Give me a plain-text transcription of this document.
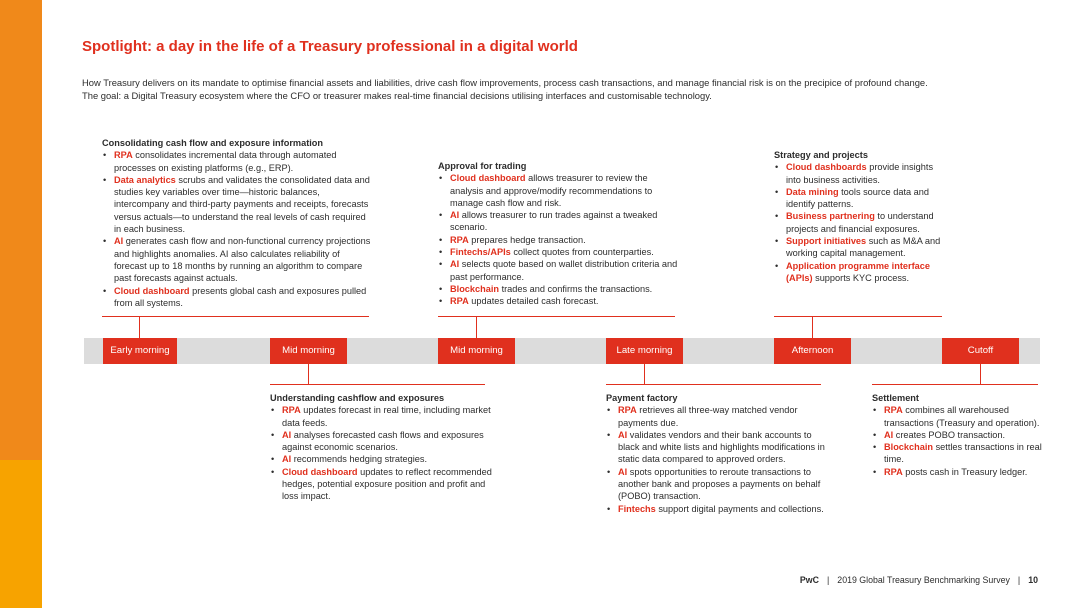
Spotlight: a day in the life of a Treasury professional in a digital world
How Treasury delivers on its mandate to optimise financial assets and liabilities, drive cash flow improvements, process cash transactions, and manage financial risk is on the precipice of profound change.
The goal: a Digital Treasury ecosystem where the CFO or treasurer makes real-time financial decisions utilising interfaces and customisable technology.
Consolidating cash flow and exposure information
• RPA consolidates incremental data through automated processes on existing platforms (e.g., ERP).
• Data analytics scrubs and validates the consolidated data and studies key variables over time—historic balances, intercompany and third-party payments and receipts, forecasts versus actuals—to understand the real levels of cash required in each business.
• AI generates cash flow and non-functional currency projections and highlights anomalies. AI also calculates reliability of forecast up to 18 months by running an algorithm to compare past forecasts against actuals.
• Cloud dashboard presents global cash and exposures pulled from all systems.
Approval for trading
• Cloud dashboard allows treasurer to review the analysis and approve/modify recommendations to manage cash flow and risk.
• AI allows treasurer to run trades against a tweaked scenario.
• RPA prepares hedge transaction.
• Fintechs/APIs collect quotes from counterparties.
• AI selects quote based on wallet distribution criteria and past performance.
• Blockchain trades and confirms the transactions.
• RPA updates detailed cash forecast.
Strategy and projects
• Cloud dashboards provide insights into business activities.
• Data mining tools source data and identify patterns.
• Business partnering to understand projects and financial exposures.
• Support initiatives such as M&A and working capital management.
• Application programme interface (APIs) supports KYC process.
Early morning	Mid morning	Mid morning	Late morning	Afternoon	Cutoff
Understanding cashflow and exposures
• RPA updates forecast in real time, including market data feeds.
• AI analyses forecasted cash flows and exposures against economic scenarios.
• AI recommends hedging strategies.
• Cloud dashboard updates to reflect recommended hedges, potential exposure position and profit and loss impact.
Payment factory
• RPA retrieves all three-way matched vendor payments due.
• AI validates vendors and their bank accounts to black and white lists and highlights modifications in static data compared to approved orders.
• AI spots opportunities to reroute transactions to another bank and proposes a payments on behalf (POBO) transaction.
• Fintechs support digital payments and collections.
Settlement
• RPA combines all warehoused transactions (Treasury and operation).
• AI creates POBO transaction.
• Blockchain settles transactions in real time.
• RPA posts cash in Treasury ledger.
PwC | 2019 Global Treasury Benchmarking Survey | 10
